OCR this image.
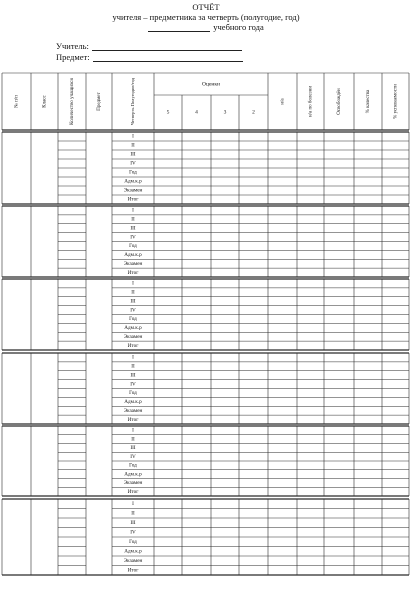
ОТЧЁТ
учителя – предметника за четверть (полугодие, год)
учебного года
Учитель:
Предмет:
№ п/п	Класс	Количество учащихся	Предмет	Четверть Полугодие/год	Оценки
5	4	3	2
н/а	н/а по болезни	Освобождён	% качества	% успеваемости
I
II
III
IV
Год
Адм.к.р
Экзамен
Итог
I
II
III
IV
Год
Адм.к.р
Экзамен
Итог
I
II
III
IV
Год
Адм.к.р
Экзамен
Итог
I
II
III
IV
Год
Адм.к.р
Экзамен
Итог
I
II
III
IV
Год
Адм.к.р
Экзамен
Итог
I
II
III
IV
Год
Адм.к.р
Экзамен
Итог
